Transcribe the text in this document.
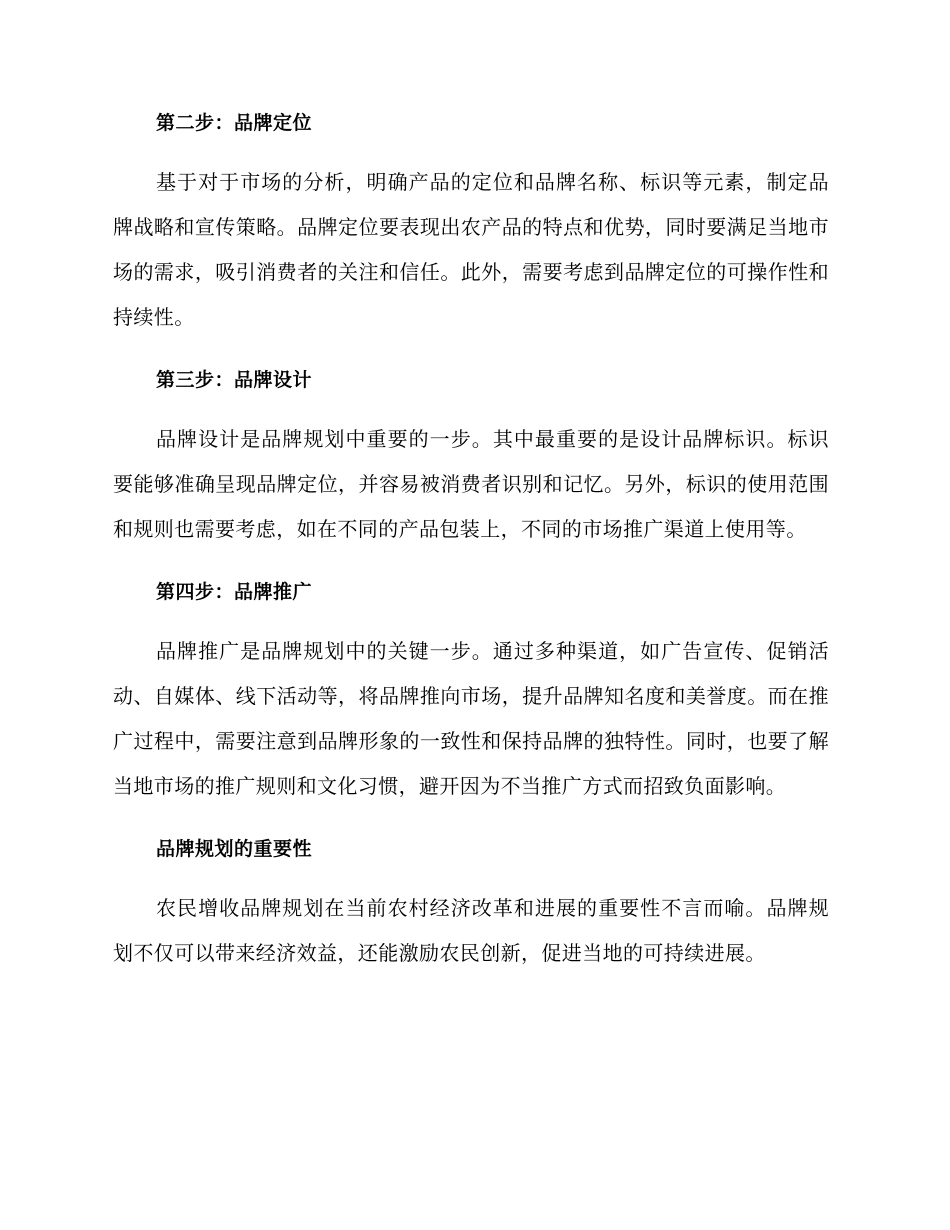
第二步：品牌定位

基于对于市场的分析，明确产品的定位和品牌名称、标识等元素，制定品牌战略和宣传策略。品牌定位要表现出农产品的特点和优势，同时要满足当地市场的需求，吸引消费者的关注和信任。此外，需要考虑到品牌定位的可操作性和持续性。

第三步：品牌设计

品牌设计是品牌规划中重要的一步。其中最重要的是设计品牌标识。标识要能够准确呈现品牌定位，并容易被消费者识别和记忆。另外，标识的使用范围和规则也需要考虑，如在不同的产品包装上，不同的市场推广渠道上使用等。

第四步：品牌推广

品牌推广是品牌规划中的关键一步。通过多种渠道，如广告宣传、促销活动、自媒体、线下活动等，将品牌推向市场，提升品牌知名度和美誉度。而在推广过程中，需要注意到品牌形象的一致性和保持品牌的独特性。同时，也要了解当地市场的推广规则和文化习惯，避开因为不当推广方式而招致负面影响。

品牌规划的重要性

农民增收品牌规划在当前农村经济改革和进展的重要性不言而喻。品牌规划不仅可以带来经济效益，还能激励农民创新，促进当地的可持续进展。
